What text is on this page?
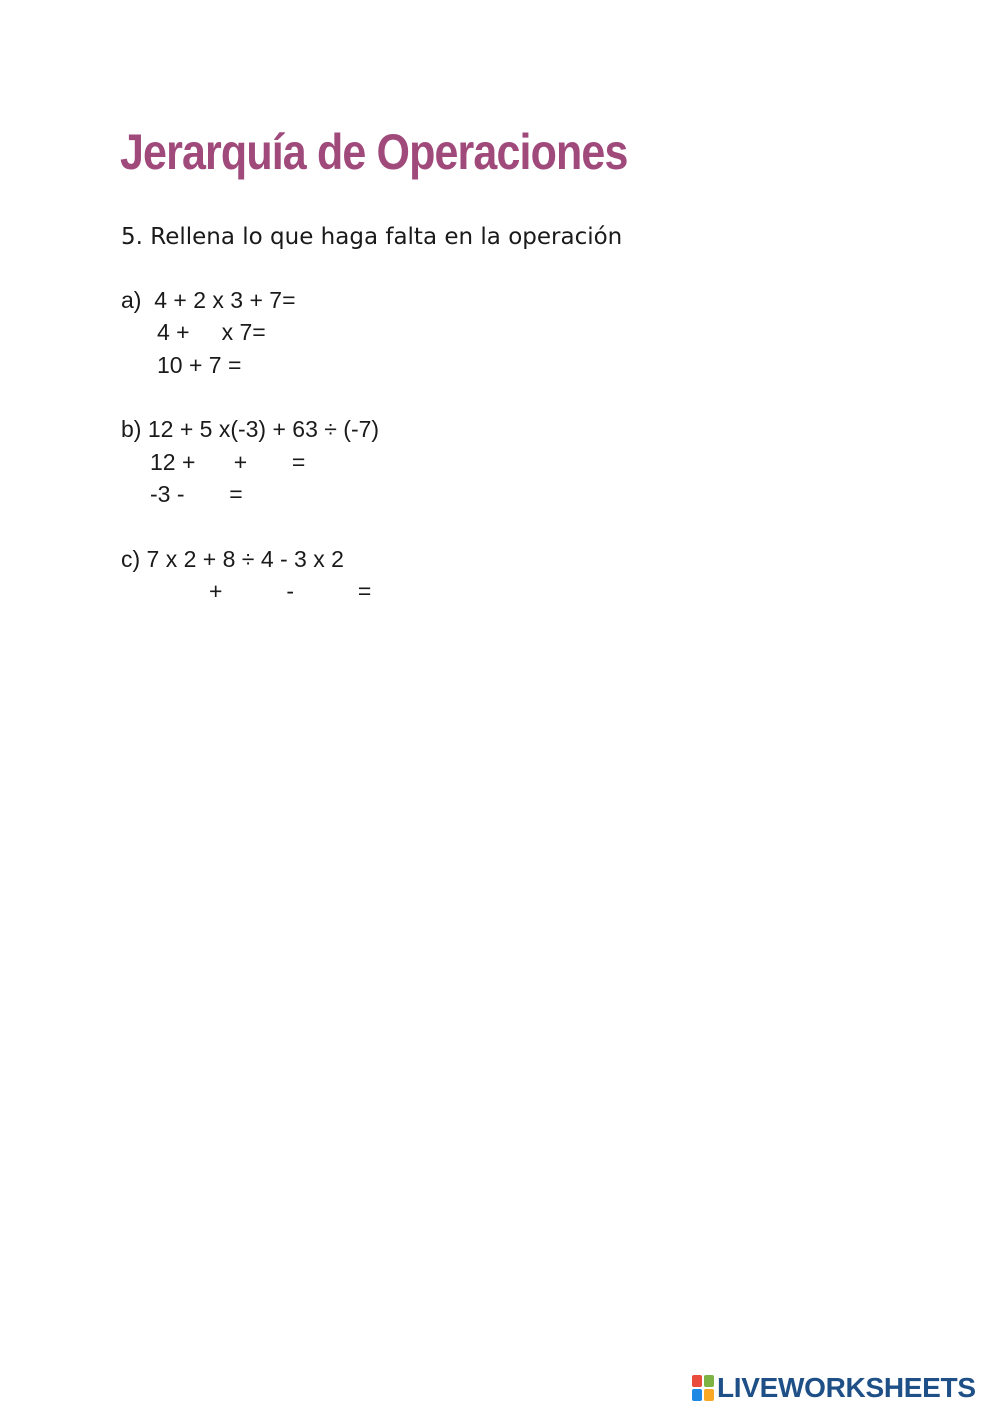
Jerarquía de Operaciones
5. Rellena lo que haga falta en la operación
a)  4 + 2 x 3 + 7=
4 +     x 7=
10 + 7 =
b) 12 + 5 x(-3) + 63 ÷ (-7)
12 +      +       =
-3 -       =
c) 7 x 2 + 8 ÷ 4 - 3 x 2
+          -          =
LIVEWORKSHEETS
